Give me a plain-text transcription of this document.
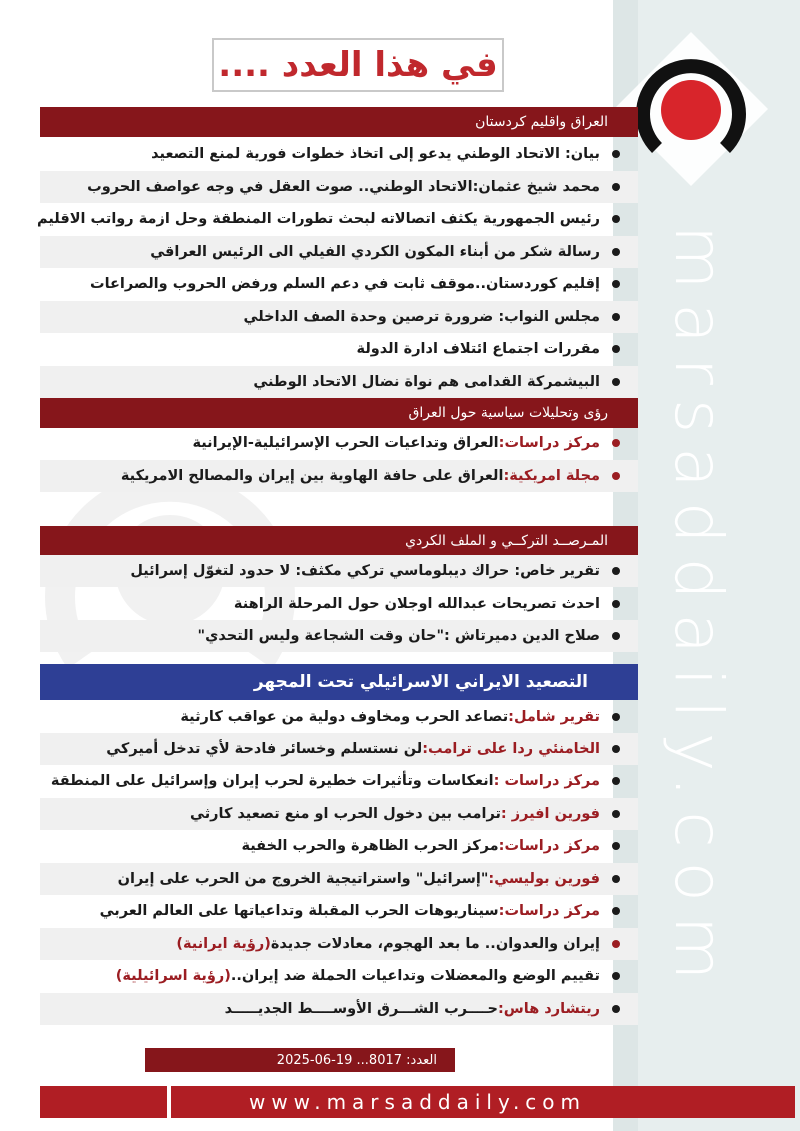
marsaddaily.com
في هذا العدد ....
العراق واقليم كردستان
بيان: الاتحاد الوطني يدعو إلى اتخاذ خطوات فورية لمنع التصعيد
محمد شيخ عثمان:الاتحاد الوطني.. صوت العقل في وجه عواصف الحروب
رئيس الجمهورية يكثف اتصالاته لبحث تطورات المنطقة وحل ازمة رواتب الاقليم
رسالة شكر من أبناء المكون الكردي الفيلي الى الرئيس العراقي
إقليم كوردستان..موقف ثابت في دعم السلم ورفض الحروب والصراعات
مجلس النواب: ضرورة ترصين وحدة الصف الداخلي
مقررات اجتماع ائتلاف ادارة الدولة
البيشمركة القدامى هم نواة نضال الاتحاد الوطني
رؤى وتحليلات سياسية حول العراق
مركز دراسات:
العراق وتداعيات الحرب الإسرائيلية-الإيرانية
مجلة امريكية:
العراق على حافة الهاوية بين إيران والمصالح الامريكية
المـرصــد التركــي و الملف الكردي
تقرير خاص: حراك ديبلوماسي تركي مكثف: لا حدود لتغوّل إسرائيل
احدث تصريحات عبدالله اوجلان حول المرحلة الراهنة
صلاح الدين دميرتاش :"حان وقت الشجاعة وليس التحدي"
التصعيد الايراني الاسرائيلي تحت المجهر
تقرير شامل:
تصاعد الحرب ومخاوف دولية من عواقب كارثية
الخامنئي ردا على ترامب:
لن نستسلم وخسائر فادحة لأي تدخل أميركي
مركز دراسات :
انعكاسات وتأثيرات خطيرة لحرب إيران وإسرائيل على المنطقة
فورين افيرز :
ترامب بين دخول الحرب او منع تصعيد كارثي
مركز دراسات:
مركز الحرب الظاهرة والحرب الخفية
فورين بوليسي:
"إسرائيل" واستراتيجية الخروج من الحرب على إيران
مركز دراسات:
سيناريوهات الحرب المقبلة وتداعياتها على العالم العربي
إيران والعدوان.. ما بعد الهجوم، معادلات جديدة
(رؤية ايرانية)
تقييم الوضع والمعضلات وتداعيات الحملة ضد إيران..
(رؤية اسرائيلية)
ريتشارد هاس:
حــــرب الشـــرق الأوســــط الجديـــــد
العدد: 8017... 19-06-2025
www.marsaddaily.com
